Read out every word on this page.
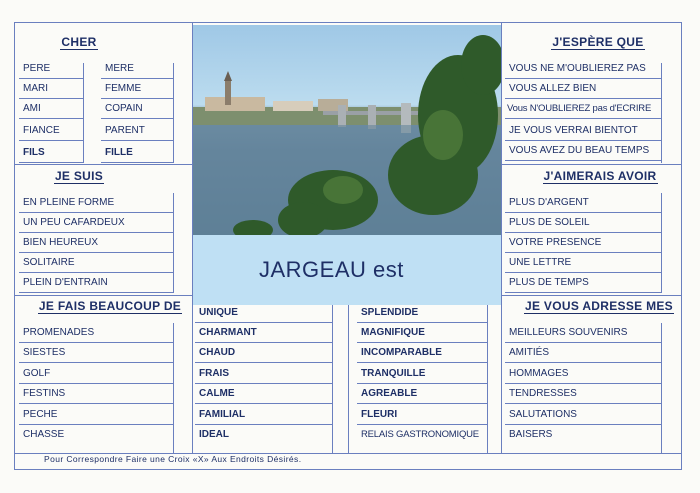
JARGEAU est
CHER
PERE	MERE
MARI	FEMME
AMI	COPAIN
FIANCE	PARENT
FILS	FILLE
JE SUIS
EN PLEINE FORME
UN PEU CAFARDEUX
BIEN HEUREUX
SOLITAIRE
PLEIN D'ENTRAIN
JE FAIS BEAUCOUP DE
PROMENADES
SIESTES
GOLF
FESTINS
PECHE
CHASSE
UNIQUE
CHARMANT
CHAUD
FRAIS
CALME
FAMILIAL
IDEAL
SPLENDIDE
MAGNIFIQUE
INCOMPARABLE
TRANQUILLE
AGREABLE
FLEURI
RELAIS GASTRONOMIQUE
J'ESPÈRE QUE
VOUS NE M'OUBLIEREZ PAS
VOUS ALLEZ BIEN
Vous N'OUBLIEREZ pas d'ECRIRE
JE VOUS VERRAI BIENTOT
VOUS AVEZ DU BEAU TEMPS
J'AIMERAIS AVOIR
PLUS D'ARGENT
PLUS DE SOLEIL
VOTRE PRESENCE
UNE LETTRE
PLUS DE TEMPS
JE VOUS ADRESSE MES
MEILLEURS SOUVENIRS
AMITIÉS
HOMMAGES
TENDRESSES
SALUTATIONS
BAISERS
Pour Correspondre Faire une Croix «X» Aux Endroits Désirés.
